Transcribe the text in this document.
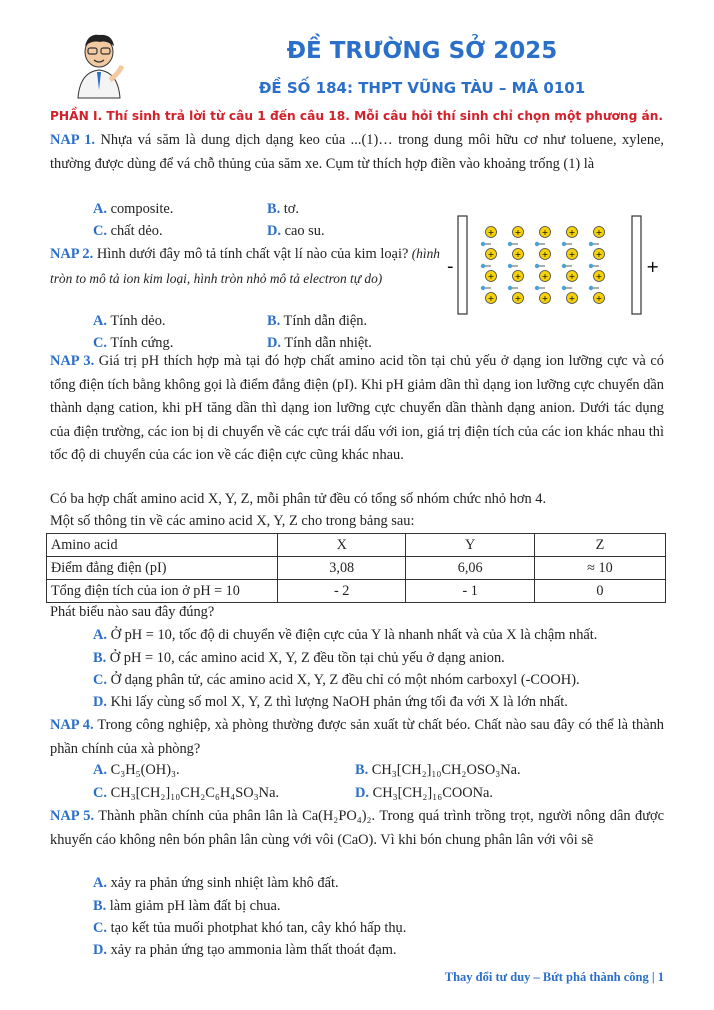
ĐỀ TRƯỜNG SỞ 2025
ĐỀ SỐ 184: THPT VŨNG TÀU – MÃ 0101
PHẦN I. Thí sinh trả lời từ câu 1 đến câu 18. Mỗi câu hỏi thí sinh chỉ chọn một phương án.
NAP 1. Nhựa vá săm là dung dịch dạng keo của ...(1)… trong dung môi hữu cơ như toluene, xylene, thường được dùng để vá chỗ thủng của săm xe. Cụm từ thích hợp điền vào khoảng trống (1) là
A. composite.	B. tơ.
C. chất dẻo.	D. cao su.
NAP 2. Hình dưới đây mô tả tính chất vật lí nào của kim loại? (hình tròn to mô tả ion kim loại, hình tròn nhỏ mô tả electron tự do)
A. Tính dẻo.	B. Tính dẫn điện.
C. Tính cứng.	D. Tính dẫn nhiệt.
-	+
+	+	+	+	+
+	+	+	+	+
+	+	+	+	+
+	+	+	+	+
NAP 3. Giá trị pH thích hợp mà tại đó hợp chất amino acid tồn tại chủ yếu ở dạng ion lưỡng cực và có tổng điện tích bằng không gọi là điểm đẳng điện (pI). Khi pH giảm dần thì dạng ion lưỡng cực chuyển dần thành dạng cation, khi pH tăng dần thì dạng ion lưỡng cực chuyển dần thành dạng anion. Dưới tác dụng của điện trường, các ion bị di chuyển về các cực trái dấu với ion, giá trị điện tích của các ion khác nhau thì tốc độ di chuyển của các ion về các điện cực cũng khác nhau.
Có ba hợp chất amino acid X, Y, Z, mỗi phân tử đều có tổng số nhóm chức nhỏ hơn 4.
Một số thông tin về các amino acid X, Y, Z cho trong bảng sau:
Amino acid	X	Y	Z
Điểm đẳng điện (pI)	3,08	6,06	≈ 10
Tổng điện tích của ion ở pH = 10	- 2	- 1	0
Phát biểu nào sau đây đúng?
A. Ở pH = 10, tốc độ di chuyển về điện cực của Y là nhanh nhất và của X là chậm nhất.
B. Ở pH = 10, các amino acid X, Y, Z đều tồn tại chủ yếu ở dạng anion.
C. Ở dạng phân tử, các amino acid X, Y, Z đều chỉ có một nhóm carboxyl (-COOH).
D. Khi lấy cùng số mol X, Y, Z thì lượng NaOH phản ứng tối đa với X là lớn nhất.
NAP 4. Trong công nghiệp, xà phòng thường được sản xuất từ chất béo. Chất nào sau đây có thể là thành phần chính của xà phòng?
A. C₃H₅(OH)₃.	B. CH₃[CH₂]₁₀CH₂OSO₃Na.
C. CH₃[CH₂]₁₀CH₂C₆H₄SO₃Na.	D. CH₃[CH₂]₁₆COONa.
NAP 5. Thành phần chính của phân lân là Ca(H₂PO₄)₂. Trong quá trình trồng trọt, người nông dân được khuyến cáo không nên bón phân lân cùng với vôi (CaO). Vì khi bón chung phân lân với vôi sẽ
A. xảy ra phản ứng sinh nhiệt làm khô đất.
B. làm giảm pH làm đất bị chua.
C. tạo kết tủa muối photphat khó tan, cây khó hấp thụ.
D. xảy ra phản ứng tạo ammonia làm thất thoát đạm.
Thay đổi tư duy – Bứt phá thành công | 1
